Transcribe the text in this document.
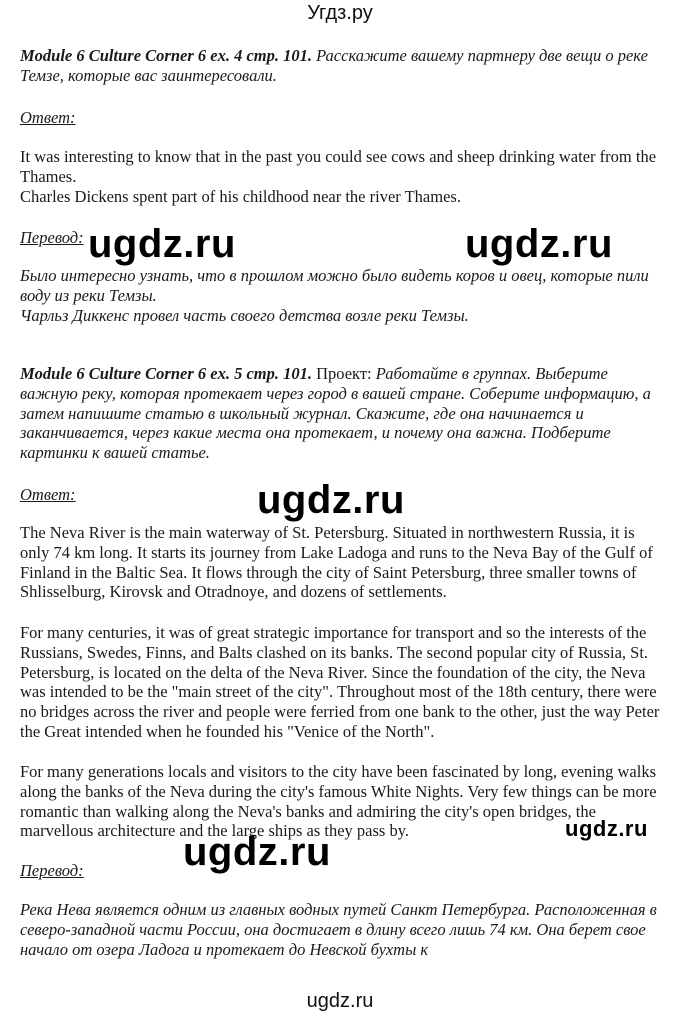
Угдз.ру
Module 6 Culture Corner 6 ex. 4 стр. 101. Расскажите вашему партнеру две вещи о реке Темзе, которые вас заинтересовали.
Ответ:

It was interesting to know that in the past you could see cows and sheep drinking water from the Thames.

Charles Dickens spent part of his childhood near the river Thames.

Перевод:

Было интересно узнать, что в прошлом можно было видеть коров и овец, которые пили воду из реки Темзы.

Чарльз Диккенс провел часть своего детства возле реки Темзы.

Module 6 Culture Corner 6 ex. 5 стр. 101. Проект: Работайте в группах. Выберите важную реку, которая протекает через город в вашей стране. Соберите информацию, а затем напишите статью в школьный журнал. Скажите, где она начинается и заканчивается, через какие места она протекает, и почему она важна. Подберите картинки к вашей статье.
Ответ:

The Neva River is the main waterway of St. Petersburg. Situated in northwestern Russia, it is only 74 km long. It starts its journey from Lake Ladoga and runs to the Neva Bay of the Gulf of Finland in the Baltic Sea. It flows through the city of Saint Petersburg, three smaller towns of Shlisselburg, Kirovsk and Otradnoye, and dozens of settlements.

For many centuries, it was of great strategic importance for transport and so the interests of the Russians, Swedes, Finns, and Balts clashed on its banks. The second popular city of Russia, St. Petersburg, is located on the delta of the Neva River. Since the foundation of the city, the Neva was intended to be the "main street of the city". Throughout most of the 18th century, there were no bridges across the river and people were ferried from one bank to the other, just the way Peter the Great intended when he founded his "Venice of the North".

For many generations locals and visitors to the city have been fascinated by long, evening walks along the banks of the Neva during the city's famous White Nights. Very few things can be more romantic than walking along the Neva's banks and admiring the city's open bridges, the marvellous architecture and the large ships as they pass by.

Перевод:
Река Нева является одним из главных водных путей Санкт Петербурга. Расположенная в северо-западной части России, она достигает в длину всего лишь 74 км. Она берет свое начало от озера Ладога и протекает до Невской бухты к
ugdz.ru	ugdz.ru
ugdz.ru
ugdz.ru
ugdz.ru
ugdz.ru
